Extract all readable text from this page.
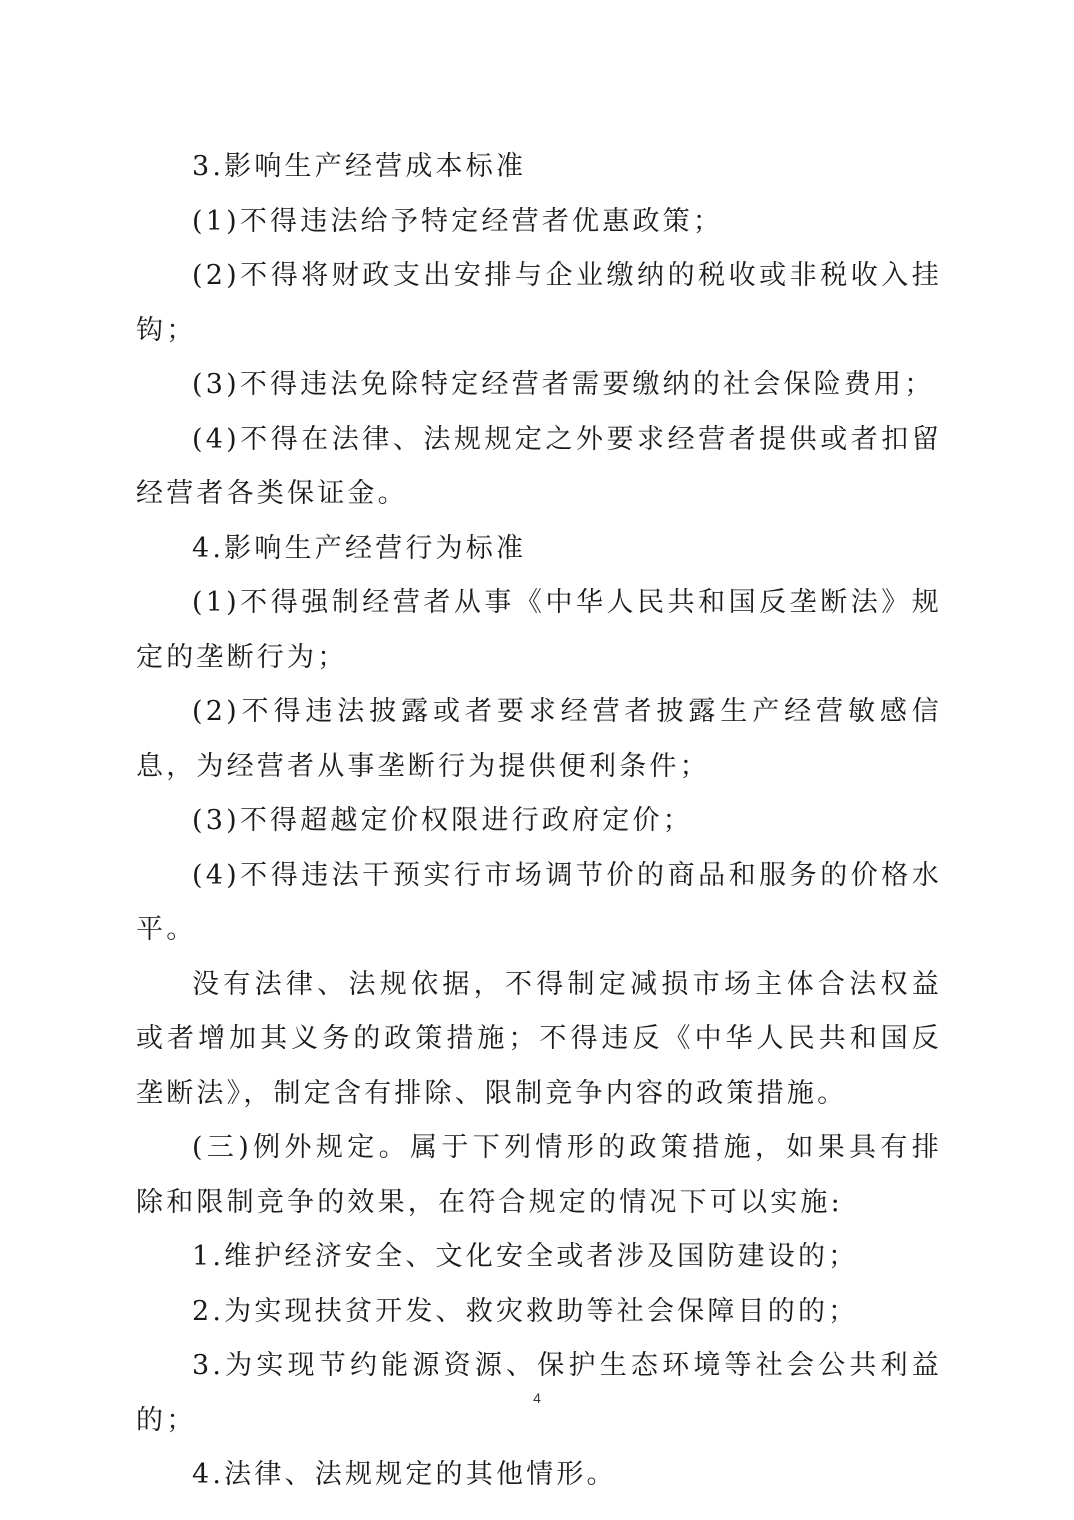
3.影响生产经营成本标准

(1)不得违法给予特定经营者优惠政策；

(2)不得将财政支出安排与企业缴纳的税收或非税收入挂钩；

(3)不得违法免除特定经营者需要缴纳的社会保险费用；

(4)不得在法律、法规规定之外要求经营者提供或者扣留经营者各类保证金。

4.影响生产经营行为标准

(1)不得强制经营者从事《中华人民共和国反垄断法》规定的垄断行为；

(2)不得违法披露或者要求经营者披露生产经营敏感信息，为经营者从事垄断行为提供便利条件；

(3)不得超越定价权限进行政府定价；

(4)不得违法干预实行市场调节价的商品和服务的价格水平。

没有法律、法规依据，不得制定减损市场主体合法权益或者增加其义务的政策措施；不得违反《中华人民共和国反垄断法》，制定含有排除、限制竞争内容的政策措施。

(三)例外规定。属于下列情形的政策措施，如果具有排除和限制竞争的效果，在符合规定的情况下可以实施:

1.维护经济安全、文化安全或者涉及国防建设的；

2.为实现扶贫开发、救灾救助等社会保障目的的；

3.为实现节约能源资源、保护生态环境等社会公共利益的；

4.法律、法规规定的其他情形。

4
